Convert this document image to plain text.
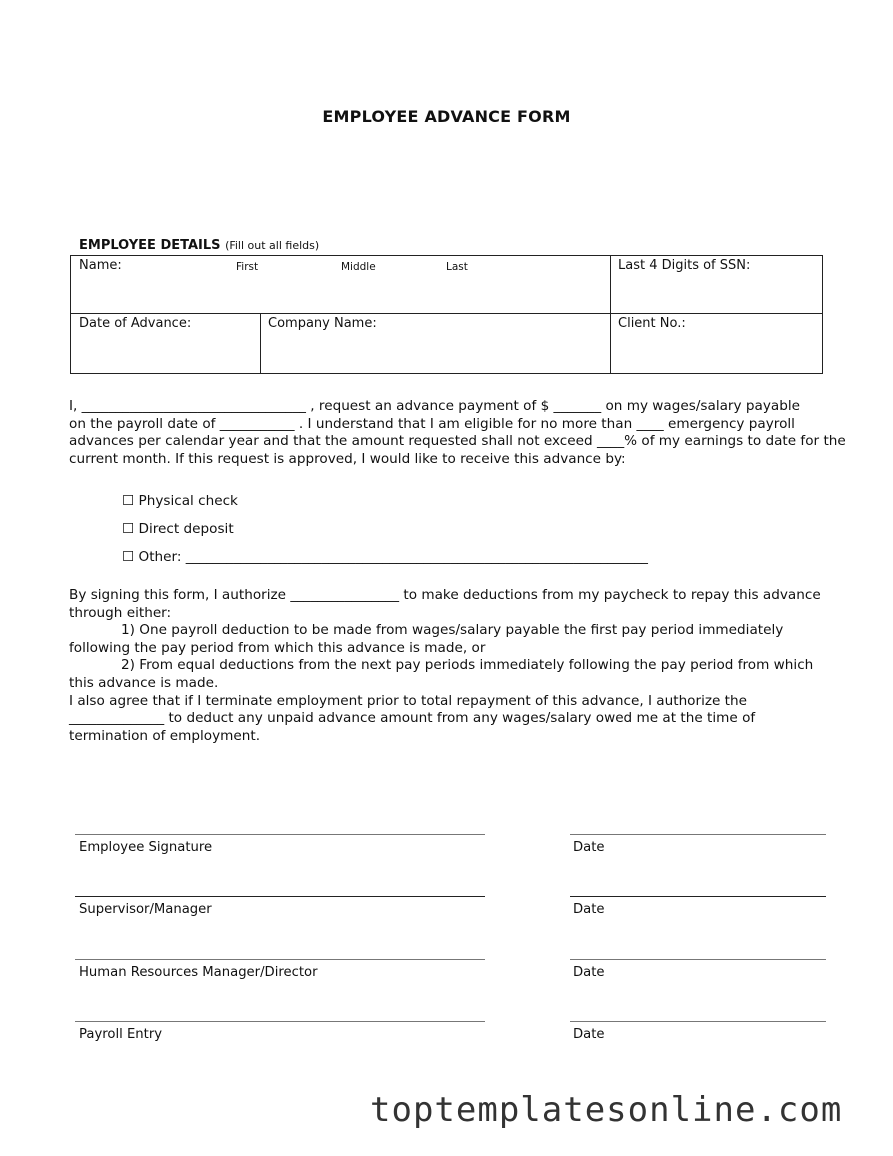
EMPLOYEE ADVANCE FORM
EMPLOYEE DETAILS (Fill out all fields)
Name:	First	Middle	Last	Last 4 Digits of SSN:
Date of Advance:	Company Name:	Client No.:

I, _________________________________ , request an advance payment of $ _______ on my wages/salary payable

on the payroll date of ___________ . I understand that I am eligible for no more than ____ emergency payroll

advances per calendar year and that the amount requested shall not exceed ____% of my earnings to date for the

current month. If this request is approved, I would like to receive this advance by:

☐ Physical check
☐ Direct deposit
☐ Other: ____________________________________________________________________

By signing this form, I authorize ________________ to make deductions from my paycheck to repay this advance through either:

1) One payroll deduction to be made from wages/salary payable the first pay period immediately following the pay period from which this advance is made, or

2) From equal deductions from the next pay periods immediately following the pay period from which this advance is made.

I also agree that if I terminate employment prior to total repayment of this advance, I authorize the ______________ to deduct any unpaid advance amount from any wages/salary owed me at the time of termination of employment.

Employee Signature	Date
Supervisor/Manager	Date
Human Resources Manager/Director	Date
Payroll Entry	Date
toptemplatesonline.com
